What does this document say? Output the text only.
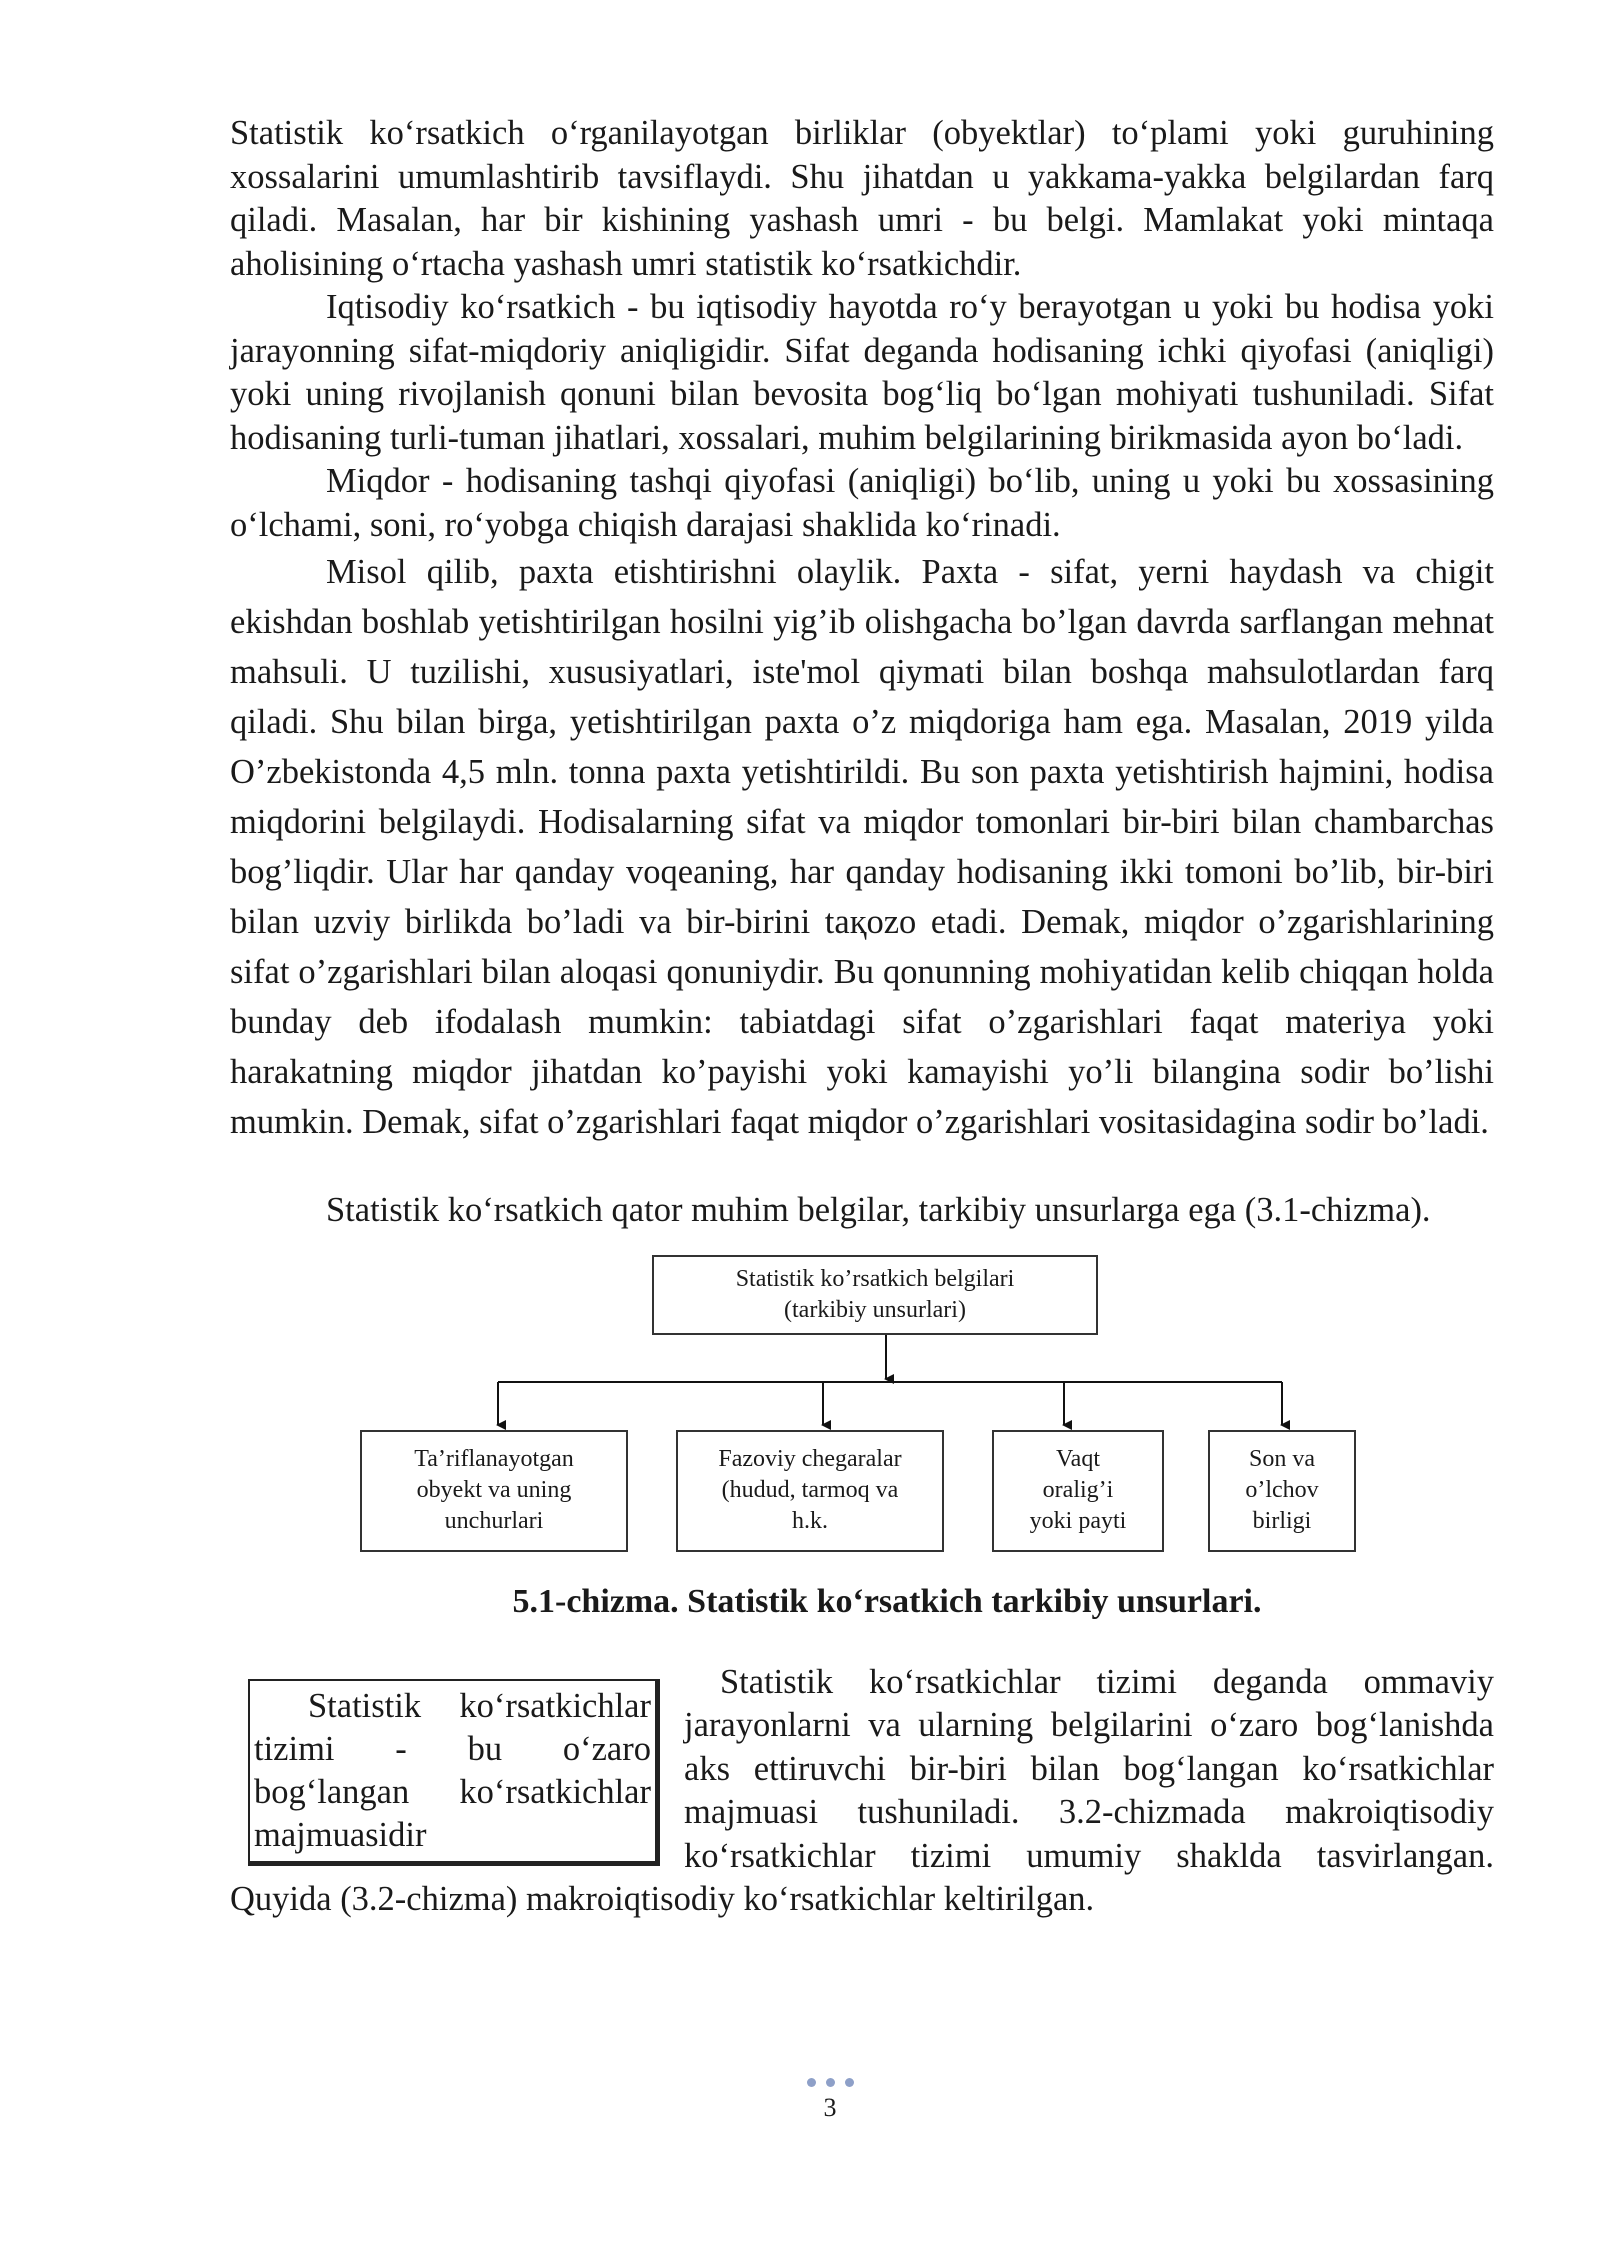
Statistik koʻrsatkich oʻrganilayotgan birliklar (obyektlar) toʻplami yoki guruhining xossalarini umumlashtirib tavsiflaydi. Shu jihatdan u yakkama-yakka belgilardan farq qiladi. Masalan, har bir kishining yashash umri - bu belgi. Mamlakat yoki mintaqa aholisining oʻrtacha yashash umri statistik koʻrsatkichdir.

Iqtisodiy koʻrsatkich - bu iqtisodiy hayotda roʻy berayotgan u yoki bu hodisa yoki jarayonning sifat-miqdoriy aniqligidir. Sifat deganda hodisaning ichki qiyofasi (aniqligi) yoki uning rivojlanish qonuni bilan bevosita bogʻliq boʻlgan mohiyati tushuniladi. Sifat hodisaning turli-tuman jihatlari, xossalari, muhim belgilarining birikmasida ayon boʻladi.

Miqdor - hodisaning tashqi qiyofasi (aniqligi) boʻlib, uning u yoki bu xossasining oʻlchami, soni, roʻyobga chiqish darajasi shaklida koʻrinadi.

Misol qilib, paxta etishtirishni olaylik. Paxta - sifat, yerni haydash va chigit ekishdan boshlab yetishtirilgan hosilni yig’ib olishgacha bo’lgan davrda sarflangan mehnat mahsuli. U tuzilishi, xususiyatlari, iste'mol qiymati bilan boshqa mahsulotlardan farq qiladi. Shu bilan birga, yetishtirilgan paxta o’z miqdoriga ham ega. Masalan, 2019 yilda O’zbekistonda 4,5 mln. tonna paxta yetishtirildi. Bu son paxta yetishtirish hajmini, hodisa miqdorini belgilaydi. Hodisalarning sifat va miqdor tomonlari bir-biri bilan chambarchas bog’liqdir. Ular har qanday voqeaning, har qanday hodisaning ikki tomoni bo’lib, bir-biri bilan uzviy birlikda bo’ladi va bir-birini taқozo etadi. Demak, miqdor o’zgarishlarining sifat o’zgarishlari bilan aloqasi qonuniydir. Bu qonunning mohiyatidan kelib chiqqan holda bunday deb ifodalash mumkin: tabiatdagi sifat o’zgarishlari faqat materiya yoki harakatning miqdor jihatdan ko’payishi yoki kamayishi yo’li bilangina sodir bo’lishi mumkin. Demak, sifat o’zgarishlari faqat miqdor o’zgarishlari vositasidagina sodir bo’ladi.

Statistik koʻrsatkich qator muhim belgilar, tarkibiy unsurlarga ega (3.1-chizma).

Statistik ko’rsatkich belgilari
(tarkibiy unsurlari)
Ta’riflanayotgan
obyekt va uning
unchurlari
Fazoviy chegaralar
(hudud, tarmoq va
h.k.
Vaqt
oralig’i
yoki payti
Son va
o’lchov
birligi

5.1-chizma. Statistik koʻrsatkich tarkibiy unsurlari.

Statistik koʻrsatkichlar tizimi - bu oʻzaro bogʻlangan koʻrsatkichlar majmuasidir

Statistik koʻrsatkichlar tizimi deganda ommaviy jarayonlarni va ularning belgilarini oʻzaro bogʻlanishda aks ettiruvchi bir-biri bilan bogʻlangan koʻrsatkichlar majmuasi tushuniladi. 3.2-chizmada makroiqtisodiy koʻrsatkichlar tizimi umumiy shaklda tasvirlangan. Quyida (3.2-chizma) makroiqtisodiy koʻrsatkichlar keltirilgan.

3
